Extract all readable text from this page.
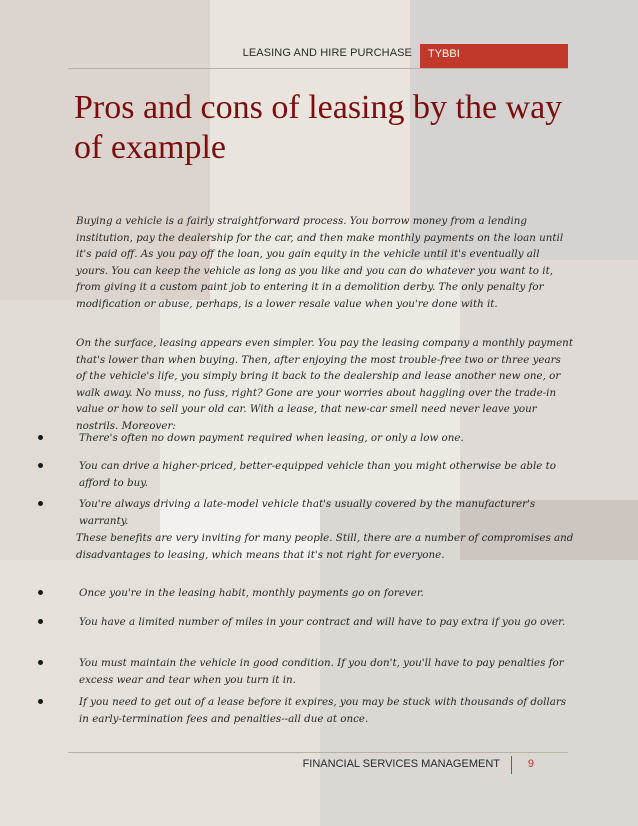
LEASING AND HIRE PURCHASE TYBBI
Pros and cons of leasing by the way of example

Buying a vehicle is a fairly straightforward process. You borrow money from a lending institution, pay the dealership for the car, and then make monthly payments on the loan until it's paid off. As you pay off the loan, you gain equity in the vehicle until it's eventually all yours. You can keep the vehicle as long as you like and you can do whatever you want to it, from giving it a custom paint job to entering it in a demolition derby. The only penalty for modification or abuse, perhaps, is a lower resale value when you're done with it.

On the surface, leasing appears even simpler. You pay the leasing company a monthly payment that's lower than when buying. Then, after enjoying the most trouble-free two or three years of the vehicle's life, you simply bring it back to the dealership and lease another new one, or walk away. No muss, no fuss, right? Gone are your worries about haggling over the trade-in value or how to sell your old car. With a lease, that new-car smell need never leave your nostrils. Moreover:

There's often no down payment required when leasing, or only a low one.

You can drive a higher-priced, better-equipped vehicle than you might otherwise be able to afford to buy.

You're always driving a late-model vehicle that's usually covered by the manufacturer's warranty.

These benefits are very inviting for many people. Still, there are a number of compromises and disadvantages to leasing, which means that it's not right for everyone.

Once you're in the leasing habit, monthly payments go on forever.

You have a limited number of miles in your contract and will have to pay extra if you go over.

You must maintain the vehicle in good condition. If you don't, you'll have to pay penalties for excess wear and tear when you turn it in.

If you need to get out of a lease before it expires, you may be stuck with thousands of dollars in early-termination fees and penalties--all due at once.

FINANCIAL SERVICES MANAGEMENT	9
